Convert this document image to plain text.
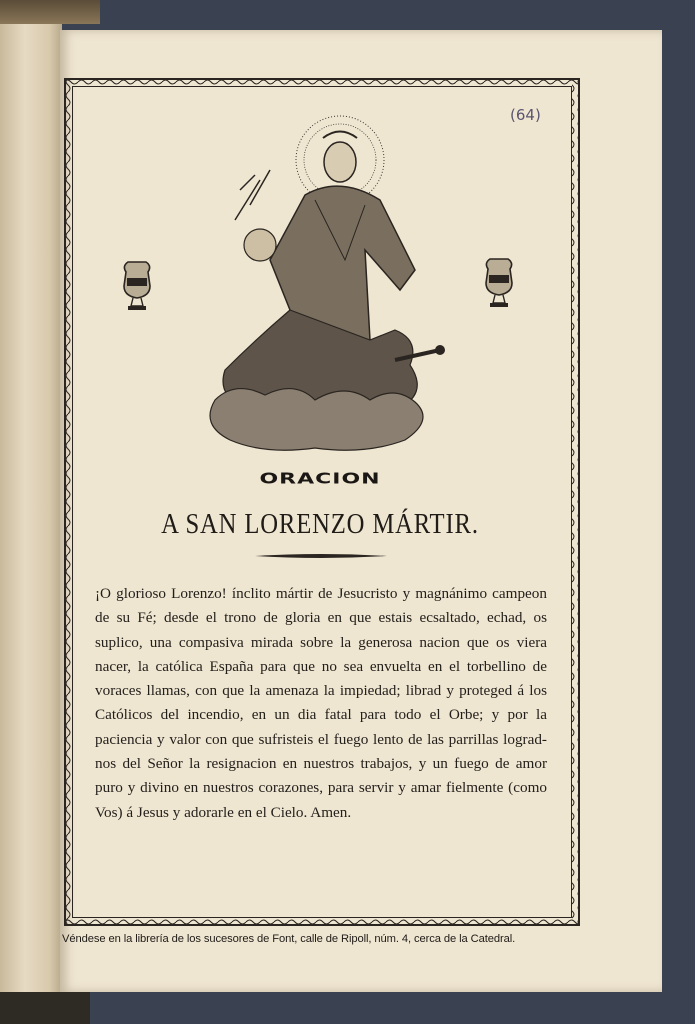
(64)
ORACION
A SAN LORENZO MÁRTIR.
¡O glorioso Lorenzo! ínclito mártir de Jesucristo y magnánimo campeon de su Fé; desde el trono de gloria en que estais ecsaltado, echad, os suplico, una compasiva mirada sobre la generosa nacion que os viera nacer, la católica España para que no sea envuelta en el torbellino de voraces llamas, con que la amenaza la impiedad; librad y proteged á los Católicos del incendio, en un dia fatal para todo el Orbe; y por la paciencia y valor con que sufristeis el fuego lento de las parrillas lograd-nos del Señor la resignacion en nuestros trabajos, y un fuego de amor puro y divino en nuestros corazones, para servir y amar fielmente (como Vos) á Jesus y adorarle en el Cielo. Amen.
Véndese en la librería de los sucesores de Font, calle de Ripoll, núm. 4, cerca de la Catedral.
